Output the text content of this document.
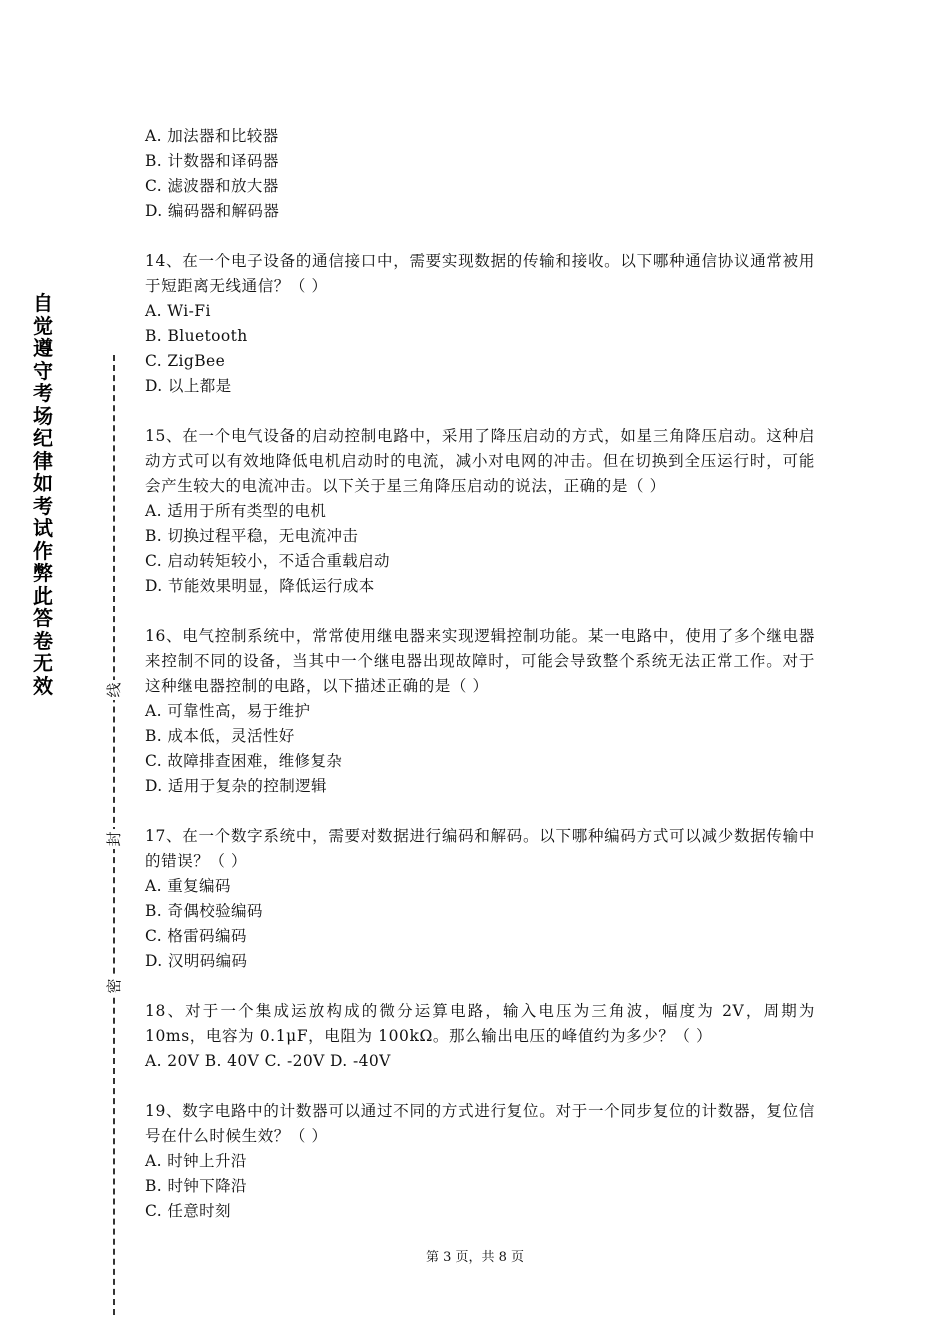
自觉遵守考场纪律如考试作弊此答卷无效	线
封
密
A. 加法器和比较器
B. 计数器和译码器
C. 滤波器和放大器
D. 编码器和解码器
14、在一个电子设备的通信接口中，需要实现数据的传输和接收。以下哪种通信协议通常被用于短距离无线通信？（ ）
A. Wi-Fi
B. Bluetooth
C. ZigBee
D. 以上都是
15、在一个电气设备的启动控制电路中，采用了降压启动的方式，如星三角降压启动。这种启动方式可以有效地降低电机启动时的电流，减小对电网的冲击。但在切换到全压运行时，可能会产生较大的电流冲击。以下关于星三角降压启动的说法，正确的是（ ）
A. 适用于所有类型的电机
B. 切换过程平稳，无电流冲击
C. 启动转矩较小，不适合重载启动
D. 节能效果明显，降低运行成本
16、电气控制系统中，常常使用继电器来实现逻辑控制功能。某一电路中，使用了多个继电器来控制不同的设备，当其中一个继电器出现故障时，可能会导致整个系统无法正常工作。对于这种继电器控制的电路，以下描述正确的是（ ）
A. 可靠性高，易于维护
B. 成本低，灵活性好
C. 故障排查困难，维修复杂
D. 适用于复杂的控制逻辑
17、在一个数字系统中，需要对数据进行编码和解码。以下哪种编码方式可以减少数据传输中的错误？（ ）
A. 重复编码
B. 奇偶校验编码
C. 格雷码编码
D. 汉明码编码
18、对于一个集成运放构成的微分运算电路，输入电压为三角波，幅度为 2V，周期为 10ms，电容为 0.1μF，电阻为 100kΩ。那么输出电压的峰值约为多少？（ ）
A. 20V B. 40V C. -20V D. -40V
19、数字电路中的计数器可以通过不同的方式进行复位。对于一个同步复位的计数器，复位信号在什么时候生效？（ ）
A. 时钟上升沿
B. 时钟下降沿
C. 任意时刻
第 3 页，共 8 页
